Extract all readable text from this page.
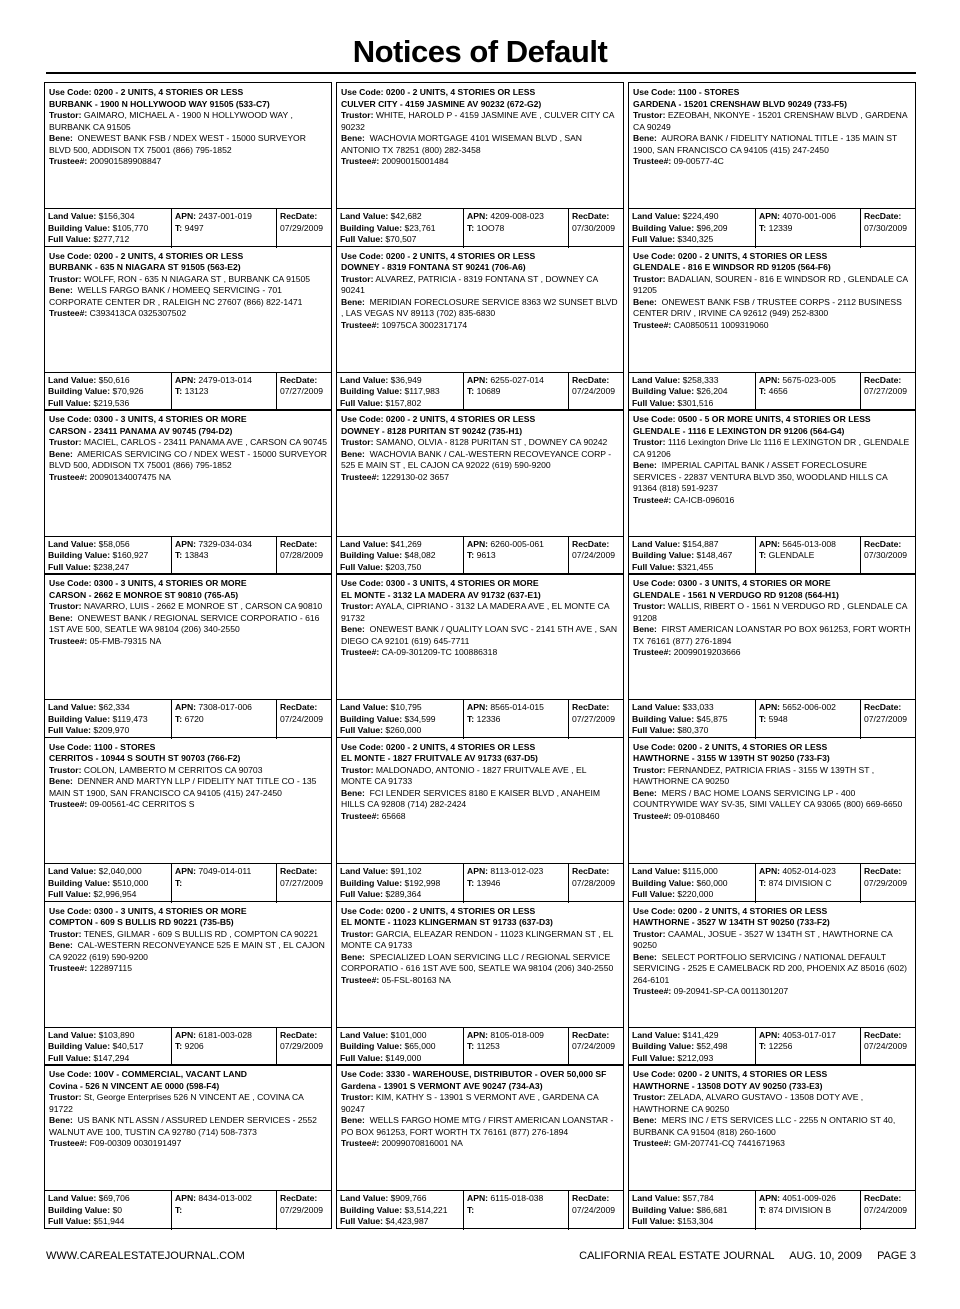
Notices of Default
Use Code: 0200 - 2 UNITS, 4 STORIES OR LESS
BURBANK - 1900 N HOLLYWOOD WAY 91505 (533-C7)
Trustor: GAIMARO, MICHAEL A - 1900 N HOLLYWOOD WAY , BURBANK CA 91505
Bene: ONEWEST BANK FSB / NDEX WEST - 15000 SURVEYOR BLVD 500, ADDISON TX 75001 (866) 795-1852
Trustee#: 200901589908847
Land Value: $156,304
Building Value: $105,770
Full Value: $277,712
APN: 2437-001-019
T: 9497
RecDate:
07/29/2009
Use Code: 0200 - 2 UNITS, 4 STORIES OR LESS
CULVER CITY - 4159 JASMINE AV 90232 (672-G2)
Trustor: WHITE, HAROLD P - 4159 JASMINE AVE , CULVER CITY CA 90232
Bene: WACHOVIA MORTGAGE 4101 WISEMAN BLVD , SAN ANTONIO TX 78251 (800) 282-3458
Trustee#: 20090015001484
Land Value: $42,682
Building Value: $23,761
Full Value: $70,507
APN: 4209-008-023
T: 1OO78
RecDate:
07/30/2009
Use Code: 1100 - STORES
GARDENA - 15201 CRENSHAW BLVD 90249 (733-F5)
Trustor: EZEOBAH, NKONYE - 15201 CRENSHAW BLVD , GARDENA CA 90249
Bene: AURORA BANK / FIDELITY NATIONAL TITLE - 135 MAIN ST 1900, SAN FRANCISCO CA 94105 (415) 247-2450
Trustee#: 09-00577-4C
Land Value: $224,490
Building Value: $96,209
Full Value: $340,325
APN: 4070-001-006
T: 12339
RecDate:
07/30/2009
Use Code: 0200 - 2 UNITS, 4 STORIES OR LESS
BURBANK - 635 N NIAGARA ST 91505 (563-E2)
Trustor: WOLFF, RON - 635 N NIAGARA ST , BURBANK CA 91505
Bene: WELLS FARGO BANK / HOMEEQ SERVICING - 701 CORPORATE CENTER DR , RALEIGH NC 27607 (866) 822-1471
Trustee#: C393413CA 0325307502
Land Value: $50,616
Building Value: $70,926
Full Value: $219,536
APN: 2479-013-014
T: 13123
RecDate:
07/27/2009
Use Code: 0200 - 2 UNITS, 4 STORIES OR LESS
DOWNEY - 8319 FONTANA ST 90241 (706-A6)
Trustor: ALVAREZ, PATRICIA - 8319 FONTANA ST , DOWNEY CA 90241
Bene: MERIDIAN FORECLOSURE SERVICE 8363 W2 SUNSET BLVD , LAS VEGAS NV 89113 (702) 835-6830
Trustee#: 10975CA 3002317174
Land Value: $36,949
Building Value: $117,983
Full Value: $157,802
APN: 6255-027-014
T: 10689
RecDate:
07/24/2009
Use Code: 0200 - 2 UNITS, 4 STORIES OR LESS
GLENDALE - 816 E WINDSOR RD 91205 (564-F6)
Trustor: BADALIAN, SOUREN - 816 E WINDSOR RD , GLENDALE CA 91205
Bene: ONEWEST BANK FSB / TRUSTEE CORPS - 2112 BUSINESS CENTER DRIV , IRVINE CA 92612 (949) 252-8300
Trustee#: CA0850511 1009319060
Land Value: $258,333
Building Value: $26,204
Full Value: $301,516
APN: 5675-023-005
T: 4656
RecDate:
07/27/2009
Use Code: 0300 - 3 UNITS, 4 STORIES OR MORE
CARSON - 23411 PANAMA AV 90745 (794-D2)
Trustor: MACIEL, CARLOS - 23411 PANAMA AVE , CARSON CA 90745
Bene: AMERICAS SERVICING CO / NDEX WEST - 15000 SURVEYOR BLVD 500, ADDISON TX 75001 (866) 795-1852
Trustee#: 20090134007475 NA
Land Value: $58,056
Building Value: $160,927
Full Value: $238,247
APN: 7329-034-034
T: 13843
RecDate:
07/28/2009
Use Code: 0200 - 2 UNITS, 4 STORIES OR LESS
DOWNEY - 8128 PURITAN ST 90242 (735-H1)
Trustor: SAMANO, OLVIA - 8128 PURITAN ST , DOWNEY CA 90242
Bene: WACHOVIA BANK / CAL-WESTERN RECOVEYANCE CORP - 525 E MAIN ST , EL CAJON CA 92022 (619) 590-9200
Trustee#: 1229130-02 3657
Land Value: $41,269
Building Value: $48,082
Full Value: $203,750
APN: 6260-005-061
T: 9613
RecDate:
07/24/2009
Use Code: 0500 - 5 OR MORE UNITS, 4 STORIES OR LESS
GLENDALE - 1116 E LEXINGTON DR 91206 (564-G4)
Trustor: 1116 Lexington Drive Llc 1116 E LEXINGTON DR , GLENDALE CA 91206
Bene: IMPERIAL CAPITAL BANK / ASSET FORECLOSURE SERVICES - 22837 VENTURA BLVD 350, WOODLAND HILLS CA 91364 (818) 591-9237
Trustee#: CA-ICB-096016
Land Value: $154,887
Building Value: $148,467
Full Value: $321,455
APN: 5645-013-008
T: GLENDALE
RecDate:
07/30/2009
Use Code: 0300 - 3 UNITS, 4 STORIES OR MORE
CARSON - 2662 E MONROE ST 90810 (765-A5)
Trustor: NAVARRO, LUIS - 2662 E MONROE ST , CARSON CA 90810
Bene: ONEWEST BANK / REGIONAL SERVICE CORPORATIO - 616 1ST AVE 500, SEATLE WA 98104 (206) 340-2550
Trustee#: 05-FMB-79315 NA
Land Value: $62,334
Building Value: $119,473
Full Value: $209,970
APN: 7308-017-006
T: 6720
RecDate:
07/24/2009
Use Code: 0300 - 3 UNITS, 4 STORIES OR MORE
EL MONTE - 3132 LA MADERA AV 91732 (637-E1)
Trustor: AYALA, CIPRIANO - 3132 LA MADERA AVE , EL MONTE CA 91732
Bene: ONEWEST BANK / QUALITY LOAN SVC - 2141 5TH AVE , SAN DIEGO CA 92101 (619) 645-7711
Trustee#: CA-09-301209-TC 100886318
Land Value: $10,795
Building Value: $34,599
Full Value: $260,000
APN: 8565-014-015
T: 12336
RecDate:
07/27/2009
Use Code: 0300 - 3 UNITS, 4 STORIES OR MORE
GLENDALE - 1561 N VERDUGO RD 91208 (564-H1)
Trustor: WALLIS, RIBERT O - 1561 N VERDUGO RD , GLENDALE CA 91208
Bene: FIRST AMERICAN LOANSTAR PO BOX 961253, FORT WORTH TX 76161 (877) 276-1894
Trustee#: 20099019203666
Land Value: $33,033
Building Value: $45,875
Full Value: $80,370
APN: 5652-006-002
T: 5948
RecDate:
07/27/2009
Use Code: 1100 - STORES
CERRITOS - 10944 S SOUTH ST 90703 (766-F2)
Trustor: COLON, LAMBERTO M CERRITOS CA 90703
Bene: DENNER AND MARTYN LLP / FIDELITY NAT TITLE CO - 135 MAIN ST 1900, SAN FRANCISCO CA 94105 (415) 247-2450
Trustee#: 09-00561-4C CERRITOS S
Land Value: $2,040,000
Building Value: $510,000
Full Value: $2,996,954
APN: 7049-014-011
T:
RecDate:
07/27/2009
Use Code: 0200 - 2 UNITS, 4 STORIES OR LESS
EL MONTE - 1827 FRUITVALE AV 91733 (637-D5)
Trustor: MALDONADO, ANTONIO - 1827 FRUITVALE AVE , EL MONTE CA 91733
Bene: FCI LENDER SERVICES 8180 E KAISER BLVD , ANAHEIM HILLS CA 92808 (714) 282-2424
Trustee#: 65668
Land Value: $91,102
Building Value: $192,998
Full Value: $289,364
APN: 8113-012-023
T: 13946
RecDate:
07/28/2009
Use Code: 0200 - 2 UNITS, 4 STORIES OR LESS
HAWTHORNE - 3155 W 139TH ST 90250 (733-F3)
Trustor: FERNANDEZ, PATRICIA FRIAS - 3155 W 139TH ST , HAWTHORNE CA 90250
Bene: MERS / BAC HOME LOANS SERVICING LP - 400 COUNTRYWIDE WAY SV-35, SIMI VALLEY CA 93065 (800) 669-6650
Trustee#: 09-0108460
Land Value: $115,000
Building Value: $60,000
Full Value: $220,000
APN: 4052-014-023
T: 874 DIVISION C
RecDate:
07/29/2009
Use Code: 0300 - 3 UNITS, 4 STORIES OR MORE
COMPTON - 609 S BULLIS RD 90221 (735-B5)
Trustor: TENES, GILMAR - 609 S BULLIS RD , COMPTON CA 90221
Bene: CAL-WESTERN RECONVEYANCE 525 E MAIN ST , EL CAJON CA 92022 (619) 590-9200
Trustee#: 122897115
Land Value: $103,890
Building Value: $40,517
Full Value: $147,294
APN: 6181-003-028
T: 9206
RecDate:
07/29/2009
Use Code: 0200 - 2 UNITS, 4 STORIES OR LESS
EL MONTE - 11023 KLINGERMAN ST 91733 (637-D3)
Trustor: GARCIA, ELEAZAR RENDON - 11023 KLINGERMAN ST , EL MONTE CA 91733
Bene: SPECIALIZED LOAN SERVICING LLC / REGIONAL SERVICE CORPORATIO - 616 1ST AVE 500, SEATLE WA 98104 (206) 340-2550
Trustee#: 05-FSL-80163 NA
Land Value: $101,000
Building Value: $65,000
Full Value: $149,000
APN: 8105-018-009
T: 11253
RecDate:
07/24/2009
Use Code: 0200 - 2 UNITS, 4 STORIES OR LESS
HAWTHORNE - 3527 W 134TH ST 90250 (733-F2)
Trustor: CAAMAL, JOSUE - 3527 W 134TH ST , HAWTHORNE CA 90250
Bene: SELECT PORTFOLIO SERVICING / NATIONAL DEFAULT SERVICING - 2525 E CAMELBACK RD 200, PHOENIX AZ 85016 (602) 264-6101
Trustee#: 09-20941-SP-CA 0011301207
Land Value: $141,429
Building Value: $52,498
Full Value: $212,093
APN: 4053-017-017
T: 12256
RecDate:
07/24/2009
Use Code: 100V - COMMERCIAL, VACANT LAND
Covina - 526 N VINCENT AE 0000 (598-F4)
Trustor: St, George Enterprises 526 N VINCENT AE , COVINA CA 91722
Bene: US BANK NTL ASSN / ASSURED LENDER SERVICES - 2552 WALNUT AVE 100, TUSTIN CA 92780 (714) 508-7373
Trustee#: F09-00309 0030191497
Land Value: $69,706
Building Value: $0
Full Value: $51,944
APN: 8434-013-002
T:
RecDate:
07/29/2009
Use Code: 3330 - WAREHOUSE, DISTRIBUTOR - OVER 50,000 SF
Gardena - 13901 S VERMONT AVE 90247 (734-A3)
Trustor: KIM, KATHY S - 13901 S VERMONT AVE , GARDENA CA 90247
Bene: WELLS FARGO HOME MTG / FIRST AMERICAN LOANSTAR - PO BOX 961253, FORT WORTH TX 76161 (877) 276-1894
Trustee#: 20099070816001 NA
Land Value: $909,766
Building Value: $3,514,221
Full Value: $4,423,987
APN: 6115-018-038
T:
RecDate:
07/24/2009
Use Code: 0200 - 2 UNITS, 4 STORIES OR LESS
HAWTHORNE - 13508 DOTY AV 90250 (733-E3)
Trustor: ZELADA, ALVARO GUSTAVO - 13508 DOTY AVE , HAWTHORNE CA 90250
Bene: MERS INC / ETS SERVICES LLC - 2255 N ONTARIO ST 40, BURBANK CA 91504 (818) 260-1600
Trustee#: GM-207741-CQ 7441671963
Land Value: $57,784
Building Value: $86,681
Full Value: $153,304
APN: 4051-009-026
T: 874 DIVISION B
RecDate:
07/24/2009
WWW.CAREALESTATEJOURNAL.COM	CALIFORNIA REAL ESTATE JOURNAL AUG. 10, 2009 PAGE 3
